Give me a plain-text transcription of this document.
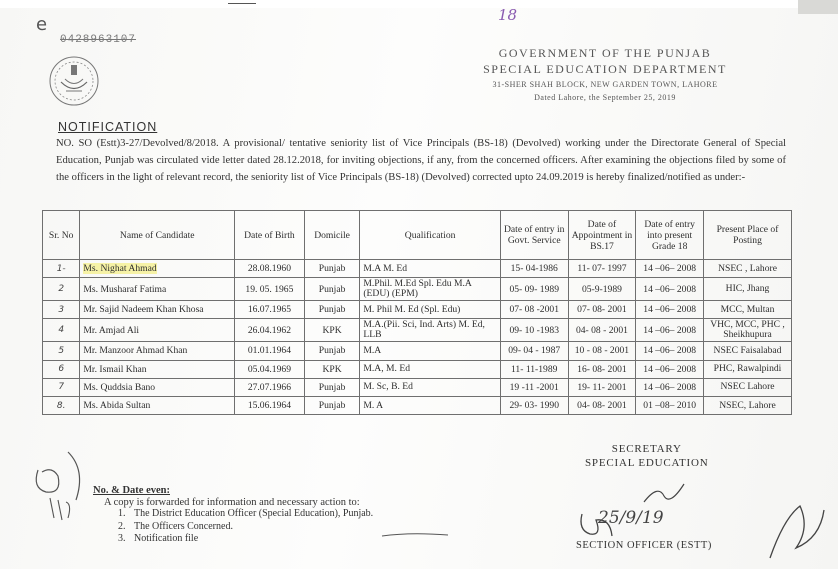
e	18
0428963107
GOVERNMENT OF THE PUNJAB
SPECIAL EDUCATION DEPARTMENT
31-SHER SHAH BLOCK, NEW GARDEN TOWN, LAHORE
Dated Lahore, the September 25, 2019
NOTIFICATION
NO. SO (Estt)3-27/Devolved/8/2018. A provisional/ tentative seniority list of Vice Principals (BS-18) (Devolved) working under the Directorate General of Special Education, Punjab was circulated vide letter dated 28.12.2018, for inviting objections, if any, from the concerned officers. After examining the objections filed by some of the officers in the light of relevant record, the seniority list of Vice Principals (BS-18) (Devolved) corrected upto 24.09.2019 is hereby finalized/notified as under:-
Sr. No	Name of Candidate	Date of Birth	Domicile	Qualification	Date of entry in Govt. Service	Date of Appointment in BS.17	Date of entry into present Grade 18	Present Place of Posting
1-	Ms. Nighat Ahmad	28.08.1960	Punjab	M.A M. Ed	15- 04-1986	11- 07- 1997	14 –06– 2008	NSEC , Lahore
2	Ms. Musharaf Fatima	19. 05. 1965	Punjab	M.Phil. M.Ed Spl. Edu M.A (EDU) (EPM)	05- 09- 1989	05-9-1989	14 –06– 2008	HIC, Jhang
3	Mr. Sajid Nadeem Khan Khosa	16.07.1965	Punjab	M. Phil M. Ed (Spl. Edu)	07- 08 -2001	07- 08- 2001	14 –06– 2008	MCC, Multan
4	Mr. Amjad Ali	26.04.1962	KPK	M.A.(Pii. Sci, Ind. Arts) M. Ed, LLB	09- 10 -1983	04- 08 - 2001	14 –06– 2008	VHC, MCC, PHC , Sheikhupura
5	Mr. Manzoor Ahmad Khan	01.01.1964	Punjab	M.A	09- 04 - 1987	10 - 08 - 2001	14 –06– 2008	NSEC Faisalabad
6	Mr. Ismail Khan	05.04.1969	KPK	M.A, M. Ed	11- 11-1989	16- 08- 2001	14 –06– 2008	PHC, Rawalpindi
7	Ms. Quddsia Bano	27.07.1966	Punjab	M. Sc, B. Ed	19 -11 -2001	19- 11- 2001	14 –06– 2008	NSEC Lahore
8.	Ms. Abida Sultan	15.06.1964	Punjab	M. A	29- 03- 1990	04- 08- 2001	01 –08– 2010	NSEC, Lahore
SECRETARY
SPECIAL EDUCATION
No. & Date even:
A copy is forwarded for information and necessary action to:
1. The District Education Officer (Special Education), Punjab.
2. The Officers Concerned.
3. Notification file
25/9/19
SECTION OFFICER (ESTT)
